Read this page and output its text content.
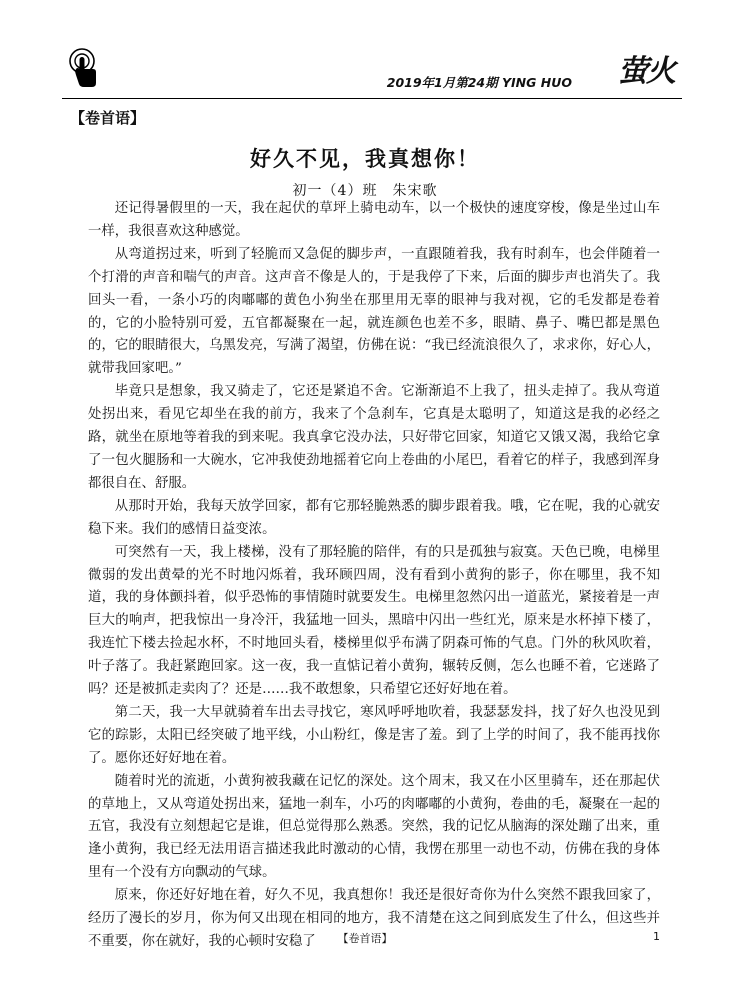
2019年1月第24期 YING HUO 萤火
【卷首语】
好久不见，我真想你！
初一（4）班　朱宋歌

还记得暑假里的一天，我在起伏的草坪上骑电动车，以一个极快的速度穿梭，像是坐过山车一样，我很喜欢这种感觉。

从弯道拐过来，听到了轻脆而又急促的脚步声，一直跟随着我，我有时刹车，也会伴随着一个打滑的声音和喘气的声音。这声音不像是人的，于是我停了下来，后面的脚步声也消失了。我回头一看，一条小巧的肉嘟嘟的黄色小狗坐在那里用无辜的眼神与我对视，它的毛发都是卷着的，它的小脸特别可爱，五官都凝聚在一起，就连颜色也差不多，眼睛、鼻子、嘴巴都是黑色的，它的眼睛很大，乌黑发亮，写满了渴望，仿佛在说：“我已经流浪很久了，求求你，好心人，就带我回家吧。”

毕竟只是想象，我又骑走了，它还是紧追不舍。它渐渐追不上我了，扭头走掉了。我从弯道处拐出来，看见它却坐在我的前方，我来了个急刹车，它真是太聪明了，知道这是我的必经之路，就坐在原地等着我的到来呢。我真拿它没办法，只好带它回家，知道它又饿又渴，我给它拿了一包火腿肠和一大碗水，它冲我使劲地摇着它向上卷曲的小尾巴，看着它的样子，我感到浑身都很自在、舒服。

从那时开始，我每天放学回家，都有它那轻脆熟悉的脚步跟着我。哦，它在呢，我的心就安稳下来。我们的感情日益变浓。

可突然有一天，我上楼梯，没有了那轻脆的陪伴，有的只是孤独与寂寞。天色已晚，电梯里微弱的发出黄晕的光不时地闪烁着，我环顾四周，没有看到小黄狗的影子，你在哪里，我不知道，我的身体颤抖着，似乎恐怖的事情随时就要发生。电梯里忽然闪出一道蓝光，紧接着是一声巨大的响声，把我惊出一身冷汗，我猛地一回头，黑暗中闪出一些红光，原来是水杯掉下楼了，我连忙下楼去捡起水杯，不时地回头看，楼梯里似乎布满了阴森可怖的气息。门外的秋风吹着，叶子落了。我赶紧跑回家。这一夜，我一直惦记着小黄狗，辗转反侧，怎么也睡不着，它迷路了吗？还是被抓走卖肉了？还是……我不敢想象，只希望它还好好地在着。

第二天，我一大早就骑着车出去寻找它，寒风呼呼地吹着，我瑟瑟发抖，找了好久也没见到它的踪影，太阳已经突破了地平线，小山粉红，像是害了羞。到了上学的时间了，我不能再找你了。愿你还好好地在着。

随着时光的流逝，小黄狗被我藏在记忆的深处。这个周末，我又在小区里骑车，还在那起伏的草地上，又从弯道处拐出来，猛地一刹车，小巧的肉嘟嘟的小黄狗，卷曲的毛，凝聚在一起的五官，我没有立刻想起它是谁，但总觉得那么熟悉。突然，我的记忆从脑海的深处蹦了出来，重逢小黄狗，我已经无法用语言描述我此时激动的心情，我愣在那里一动也不动，仿佛在我的身体里有一个没有方向飘动的气球。

原来，你还好好地在着，好久不见，我真想你！我还是很好奇你为什么突然不跟我回家了，经历了漫长的岁月，你为何又出现在相同的地方，我不清楚在这之间到底发生了什么，但这些并不重要，你在就好，我的心顿时安稳了	【卷首语】	1
